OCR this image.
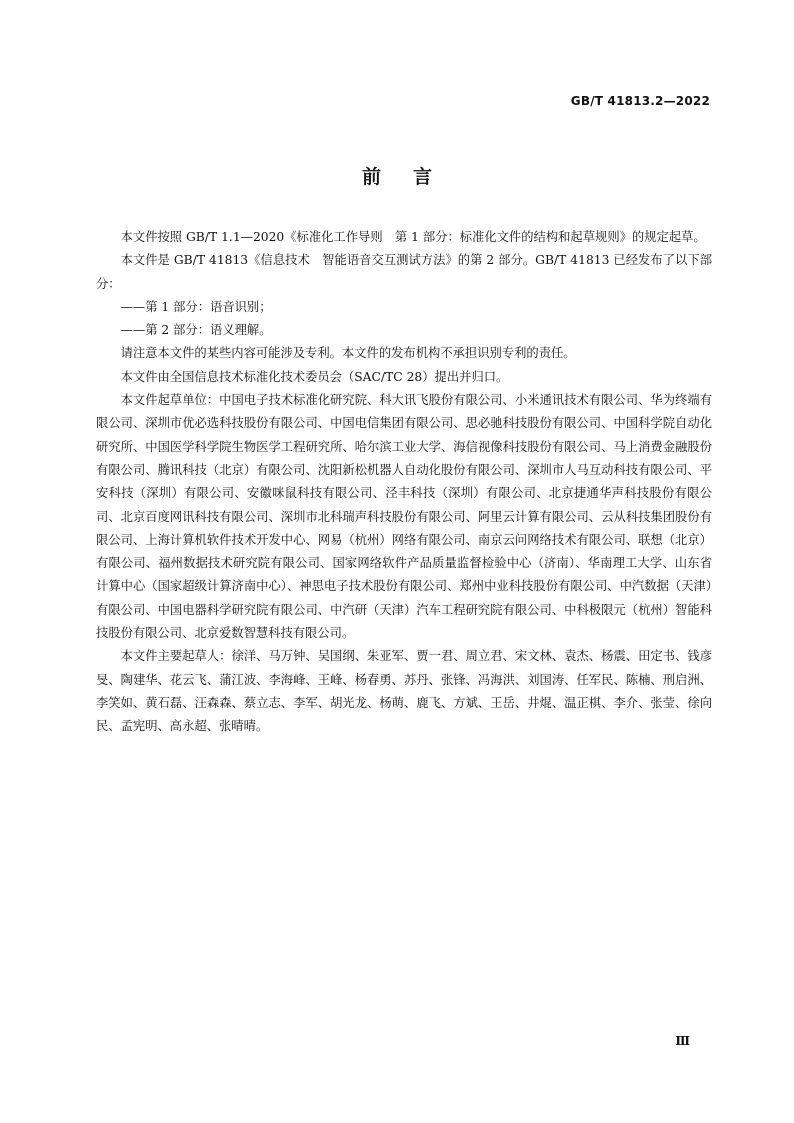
GB/T 41813.2—2022
前言

本文件按照 GB/T 1.1—2020《标准化工作导则　第 1 部分：标准化文件的结构和起草规则》的规定起草。

本文件是 GB/T 41813《信息技术　智能语音交互测试方法》的第 2 部分。GB/T 41813 已经发布了以下部分：

——第 1 部分：语音识别；

——第 2 部分：语义理解。

请注意本文件的某些内容可能涉及专利。本文件的发布机构不承担识别专利的责任。

本文件由全国信息技术标准化技术委员会（SAC/TC 28）提出并归口。

本文件起草单位：中国电子技术标准化研究院、科大讯飞股份有限公司、小米通讯技术有限公司、华为终端有限公司、深圳市优必选科技股份有限公司、中国电信集团有限公司、思必驰科技股份有限公司、中国科学院自动化研究所、中国医学科学院生物医学工程研究所、哈尔滨工业大学、海信视像科技股份有限公司、马上消费金融股份有限公司、腾讯科技（北京）有限公司、沈阳新松机器人自动化股份有限公司、深圳市人马互动科技有限公司、平安科技（深圳）有限公司、安徽咪鼠科技有限公司、泾丰科技（深圳）有限公司、北京捷通华声科技股份有限公司、北京百度网讯科技有限公司、深圳市北科瑞声科技股份有限公司、阿里云计算有限公司、云从科技集团股份有限公司、上海计算机软件技术开发中心、网易（杭州）网络有限公司、南京云问网络技术有限公司、联想（北京）有限公司、福州数据技术研究院有限公司、国家网络软件产品质量监督检验中心（济南）、华南理工大学、山东省计算中心（国家超级计算济南中心）、神思电子技术股份有限公司、郑州中业科技股份有限公司、中汽数据（天津）有限公司、中国电器科学研究院有限公司、中汽研（天津）汽车工程研究院有限公司、中科极限元（杭州）智能科技股份有限公司、北京爱数智慧科技有限公司。

本文件主要起草人：徐洋、马万钟、吴国纲、朱亚军、贾一君、周立君、宋文林、袁杰、杨震、田定书、钱彦旻、陶建华、花云飞、蒲江波、李海峰、王峰、杨春勇、苏丹、张锋、冯海洪、刘国涛、任军民、陈楠、刑启洲、李笑如、黄石磊、汪森森、蔡立志、李军、胡光龙、杨萌、鹿飞、方斌、王岳、井焜、温正棋、李介、张莹、徐向民、孟宪明、高永超、张晴晴。

Ⅲ
